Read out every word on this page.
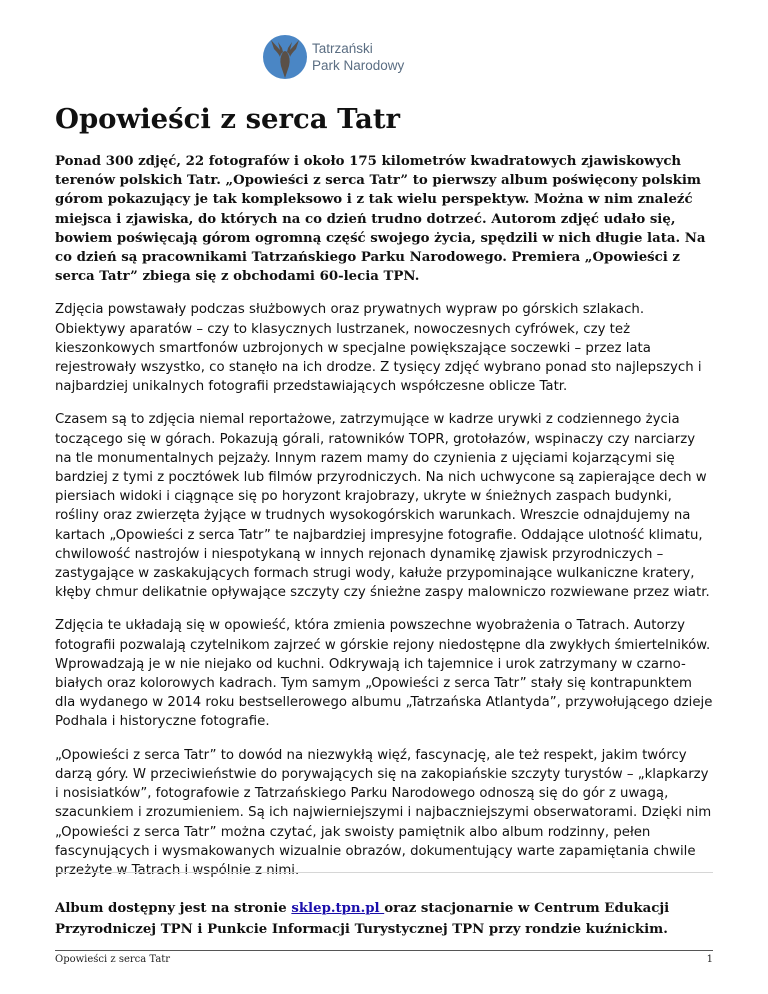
Tatrzański
Park Narodowy
Opowieści z serca Tatr

Ponad 300 zdjęć, 22 fotografów i około 175 kilometrów kwadratowych zjawiskowych terenów polskich Tatr. „Opowieści z serca Tatr” to pierwszy album poświęcony polskim górom pokazujący je tak kompleksowo i z tak wielu perspektyw. Można w nim znaleźć miejsca i zjawiska, do których na co dzień trudno dotrzeć. Autorom zdjęć udało się, bowiem poświęcają górom ogromną część swojego życia, spędzili w nich długie lata. Na co dzień są pracownikami Tatrzańskiego Parku Narodowego. Premiera „Opowieści z serca Tatr” zbiega się z obchodami 60-lecia TPN.

Zdjęcia powstawały podczas służbowych oraz prywatnych wypraw po górskich szlakach. Obiektywy aparatów – czy to klasycznych lustrzanek, nowoczesnych cyfrówek, czy też kieszonkowych smartfonów uzbrojonych w specjalne powiększające soczewki – przez lata rejestrowały wszystko, co stanęło na ich drodze. Z tysięcy zdjęć wybrano ponad sto najlepszych i najbardziej unikalnych fotografii przedstawiających współczesne oblicze Tatr.

Czasem są to zdjęcia niemal reportażowe, zatrzymujące w kadrze urywki z codziennego życia toczącego się w górach. Pokazują górali, ratowników TOPR, grotołazów, wspinaczy czy narciarzy na tle monumentalnych pejzaży. Innym razem mamy do czynienia z ujęciami kojarzącymi się bardziej z tymi z pocztówek lub filmów przyrodniczych. Na nich uchwycone są zapierające dech w piersiach widoki i ciągnące się po horyzont krajobrazy, ukryte w śnieżnych zaspach budynki, rośliny oraz zwierzęta żyjące w trudnych wysokogórskich warunkach. Wreszcie odnajdujemy na kartach „Opowieści z serca Tatr” te najbardziej impresyjne fotografie. Oddające ulotność klimatu, chwilowość nastrojów i niespotykaną w innych rejonach dynamikę zjawisk przyrodniczych – zastygające w zaskakujących formach strugi wody, kałuże przypominające wulkaniczne kratery, kłęby chmur delikatnie opływające szczyty czy śnieżne zaspy malowniczo rozwiewane przez wiatr.

Zdjęcia te układają się w opowieść, która zmienia powszechne wyobrażenia o Tatrach. Autorzy fotografii pozwalają czytelnikom zajrzeć w górskie rejony niedostępne dla zwykłych śmiertelników. Wprowadzają je w nie niejako od kuchni. Odkrywają ich tajemnice i urok zatrzymany w czarno-białych oraz kolorowych kadrach. Tym samym „Opowieści z serca Tatr” stały się kontrapunktem dla wydanego w 2014 roku bestsellerowego albumu „Tatrzańska Atlantyda”, przywołującego dzieje Podhala i historyczne fotografie.

„Opowieści z serca Tatr” to dowód na niezwykłą więź, fascynację, ale też respekt, jakim twórcy darzą góry. W przeciwieństwie do porywających się na zakopiańskie szczyty turystów – „klapkarzy i nosisiatków”, fotografowie z Tatrzańskiego Parku Narodowego odnoszą się do gór z uwagą, szacunkiem i zrozumieniem. Są ich najwierniejszymi i najbaczniejszymi obserwatorami. Dzięki nim „Opowieści z serca Tatr” można czytać, jak swoisty pamiętnik albo album rodzinny, pełen fascynujących i wysmakowanych wizualnie obrazów, dokumentujący warte zapamiętania chwile przeżyte w Tatrach i wspólnie z nimi.

Album dostępny jest na stronie sklep.tpn.pl oraz stacjonarnie w Centrum Edukacji Przyrodniczej TPN i Punkcie Informacji Turystycznej TPN przy rondzie kuźnickim.

Opowieści z serca Tatr	1
